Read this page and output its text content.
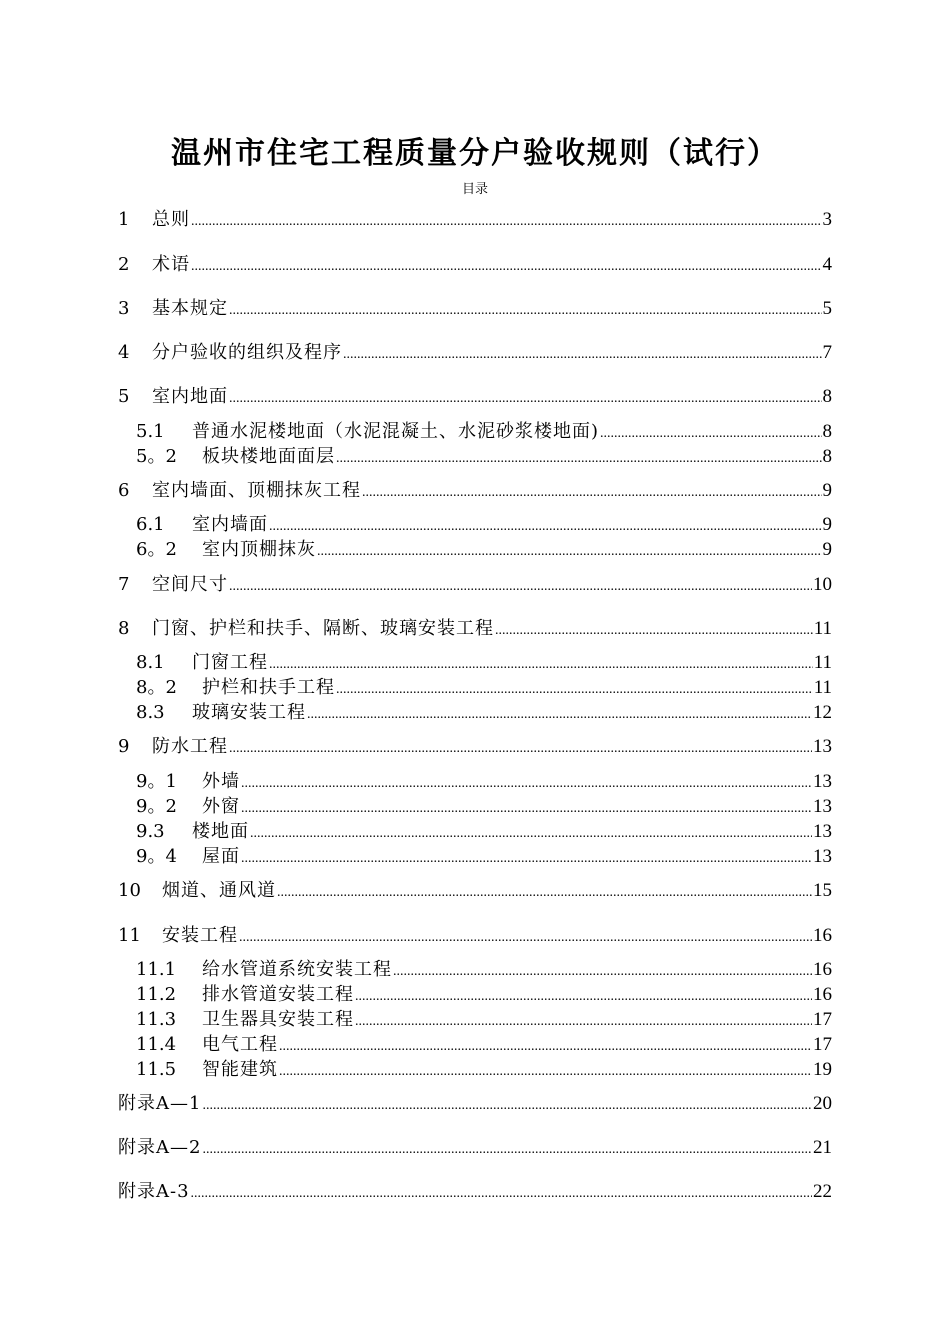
温州市住宅工程质量分户验收规则（试行）
目录
1	总则 .....	3
2	术语 .....	4
3	基本规定 .....	5
4	分户验收的组织及程序 .....	7
5	室内地面 .....	8
5.1	普通水泥楼地面（水泥混凝土、水泥砂浆楼地面) .....	8
5。2	板块楼地面面层 .....	8
6	室内墙面、顶棚抹灰工程 .....	9
6.1	室内墙面 .....	9
6。2	室内顶棚抹灰 .....	9
7	空间尺寸 .....	10
8	门窗、护栏和扶手、隔断、玻璃安装工程 .....	11
8.1	门窗工程 .....	11
8。2	护栏和扶手工程 .....	11
8.3	玻璃安装工程 .....	12
9	防水工程 .....	13
9。1	外墙 .....	13
9。2	外窗 .....	13
9.3	楼地面 .....	13
9。4	屋面 .....	13
10	烟道、通风道 .....	15
11	安装工程 .....	16
11.1	给水管道系统安装工程 .....	16
11.2	排水管道安装工程 .....	16
11.3	卫生器具安装工程 .....	17
11.4	电气工程 .....	17
11.5	智能建筑 .....	19
附录A—1 .....	20
附录A—2 .....	21
附录A-3 .....	22
